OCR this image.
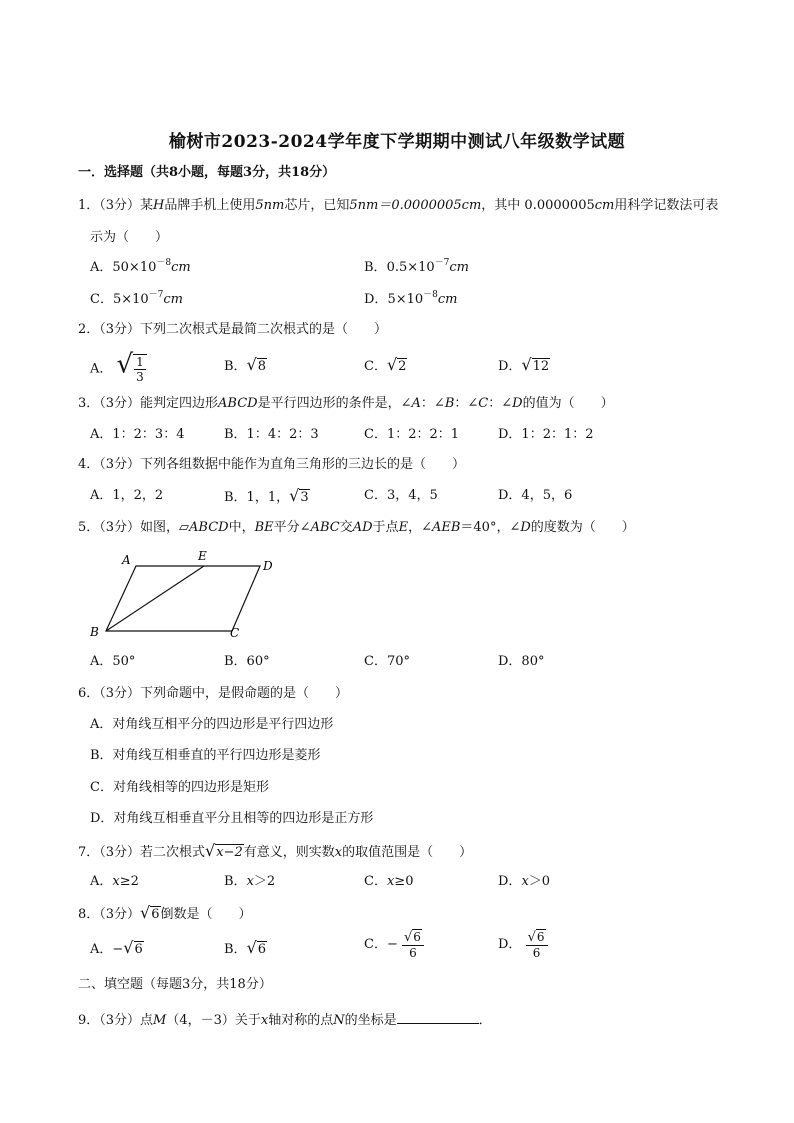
榆树市2023-2024学年度下学期期中测试八年级数学试题
一．选择题（共8小题，每题3分，共18分）
1．（3分）某H品牌手机上使用5nm芯片，已知5nm＝0.0000005cm，其中 0.0000005cm用科学记数法可表
示为（　　）
A．$50\times 10^{-8}cm$	B．$0.5\times 10^{-7}cm$
C．$5\times 10^{-7}cm$	D．$5\times 10^{-8}cm$
2．（3分）下列二次根式是最简二次根式的是（　　）
A． √ $\frac{1}{3}$	B．√8	C．√2	D．√12
3．（3分）能判定四边形ABCD是平行四边形的条件是，∠A：∠B：∠C：∠D的值为（　　）
A．1：2：3：4	B．1：4：2：3	C．1：2：2：1	D．1：2：1：2
4．（3分）下列各组数据中能作为直角三角形的三边长的是（　　）
A．1，2，2	B．1，1，√3	C．3，4，5	D．4，5，6
5．（3分）如图，▱ABCD中，BE平分∠ABC交AD于点E，∠AEB＝40°，∠D的度数为（　　）
A	E
D
B	C
A．50°	B．60°	C．70°	D．80°
6．（3分）下列命题中，是假命题的是（　　）
A．对角线互相平分的四边形是平行四边形
B．对角线互相垂直的平行四边形是菱形
C．对角线相等的四边形是矩形
D．对角线互相垂直平分且相等的四边形是正方形
7．（3分）若二次根式√x−2有意义，则实数x的取值范围是（　　）
A．x≥2	B．x＞2	C．x≥0	D．x＞0
8．（3分）√6倒数是（　　）
A．−√6	B．√6	C．− $\frac{√6}{6}$	D． $\frac{√6}{6}$
二、填空题（每题3分，共18分）
9．（3分）点M（4，－3）关于x轴对称的点N的坐标是	．
